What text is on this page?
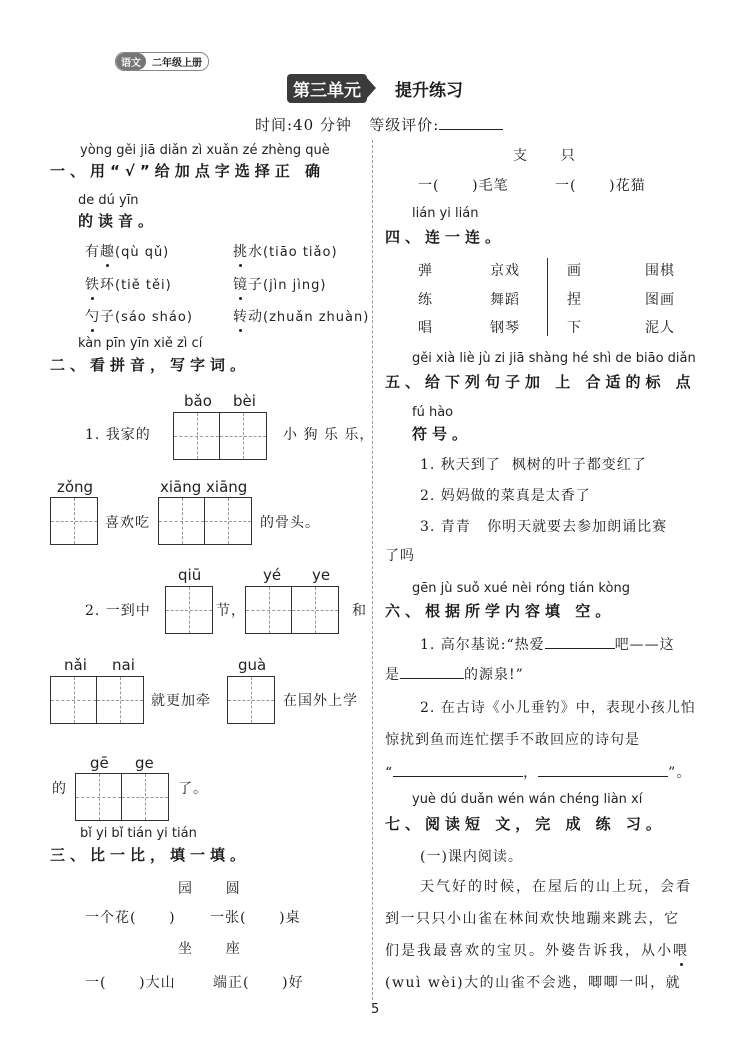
语文	二年级上册
第三单元	提升练习
时间:40 分钟 等级评价:
yòng gěi jiā diǎn zì xuǎn zé zhèng què
一、用“√”给加点字选择正 确
de dú yīn
的读音。
有趣(qù qǔ)	挑水(tiāo tiǎo)
铁环(tiě těi)	镜子(jìn jìng)
勺子(sáo sháo)	转动(zhuǎn zhuàn)
kàn pīn yīn xiě zì cí
二、看拼音，写字词。
1. 我家的
bǎo bèi
小 狗 乐 乐，
zǒng
喜欢吃
xiāng xiāng
的骨头。
2. 一到中
qiū
节，
yé ye
和
nǎi nai
就更加牵
guà
在国外上学
的
gē ge
了。
bǐ yi bǐ tián yi tián
三、比一比，填一填。
园      圆
一个花(      ) 一张(      )桌
坐      座
一(      )大山	端正(      )好
支      只
一(      )毛笔	一(      )花猫
lián yi lián
四、连一连。
弹	京戏	画	围棋
练	舞蹈	捏	图画
唱	钢琴	下	泥人
gěi xià liè jù zi jiā shàng hé shì de biāo diǎn
五、给下列句子加 上 合适的标 点
fú hào
符号。
1. 秋天到了  枫树的叶子都变红了
2. 妈妈做的菜真是太香了
3. 青青   你明天就要去参加朗诵比赛
了吗
gēn jù suǒ xué nèi róng tián kòng
六、根据所学内容填 空。
1. 高尔基说:“热爱	吧——这
是	的源泉!”
2. 在古诗《小儿垂钓》中，表现小孩儿怕
惊扰到鱼而连忙摆手不敢回应的诗句是
“	，	”。
yuè dú duǎn wén wán chéng liàn xí
七、阅读短 文，完 成 练 习。
(一)课内阅读。
天气好的时候，在屋后的山上玩，会看
到一只只小山雀在林间欢快地蹦来跳去，它
们是我最喜欢的宝贝。外婆告诉我，从小喂
(wuì wèi)大的山雀不会逃，唧唧一叫，就
5
